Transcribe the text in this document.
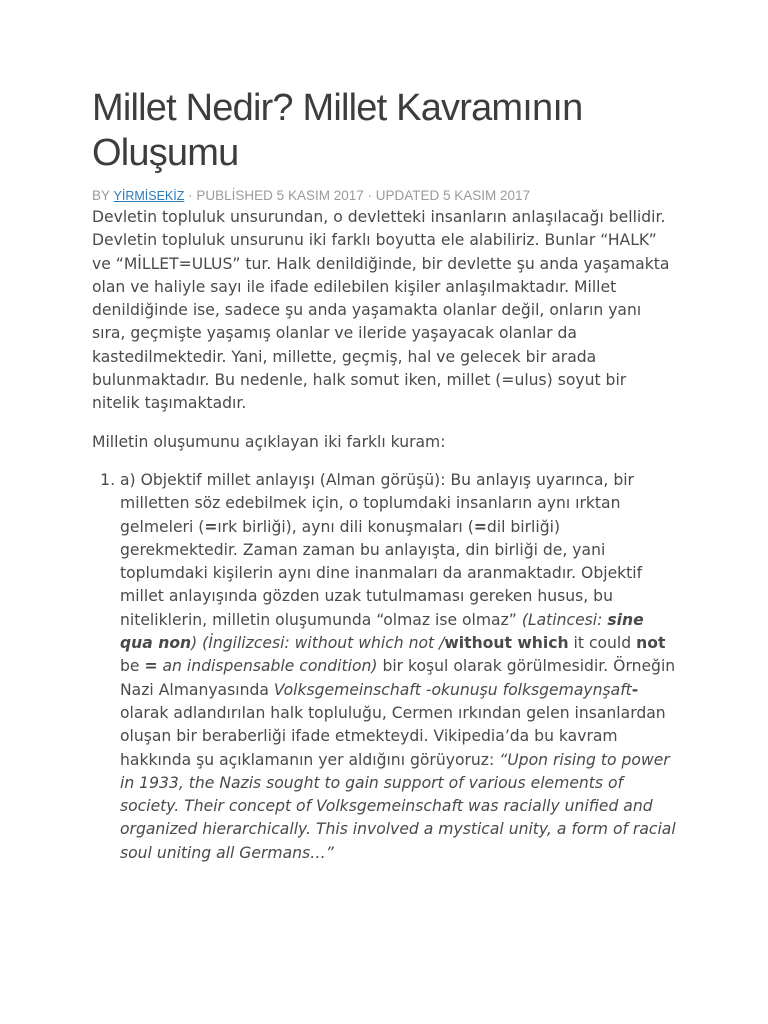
Millet Nedir? Millet Kavramının Oluşumu
BY YİRMİSEKİZ · PUBLİSHED 5 KASIM 2017 · UPDATED 5 KASIM 2017

Devletin topluluk unsurundan, o devletteki insanların anlaşılacağı bellidir. Devletin topluluk unsurunu iki farklı boyutta ele alabiliriz. Bunlar “HALK” ve “MİLLET=ULUS” tur. Halk denildiğinde, bir devlette şu anda yaşamakta olan ve haliyle sayı ile ifade edilebilen kişiler anlaşılmaktadır. Millet denildiğinde ise, sadece şu anda yaşamakta olanlar değil, onların yanı sıra, geçmişte yaşamış olanlar ve ileride yaşayacak olanlar da kastedilmektedir. Yani, millette, geçmiş, hal ve gelecek bir arada bulunmaktadır. Bu nedenle, halk somut iken, millet (=ulus) soyut bir nitelik taşımaktadır.

Milletin oluşumunu açıklayan iki farklı kuram:

1. a) Objektif millet anlayışı (Alman görüşü): Bu anlayış uyarınca, bir milletten söz edebilmek için, o toplumdaki insanların aynı ırktan gelmeleri (=ırk birliği), aynı dili konuşmaları (=dil birliği) gerekmektedir. Zaman zaman bu anlayışta, din birliği de, yani toplumdaki kişilerin aynı dine inanmaları da aranmaktadır. Objektif millet anlayışında gözden uzak tutulmaması gereken husus, bu niteliklerin, milletin oluşumunda “olmaz ise olmaz” (Latincesi: sine qua non) (İngilizcesi: without which not /without which it could not be = an indispensable condition) bir koşul olarak görülmesidir. Örneğin Nazi Almanyasında Volksgemeinschaft -okunuşu folksgemaynşaft- olarak adlandırılan halk topluluğu, Cermen ırkından gelen insanlardan oluşan bir beraberliği ifade etmekteydi. Vikipedia’da bu kavram hakkında şu açıklamanın yer aldığını görüyoruz: “Upon rising to power in 1933, the Nazis sought to gain support of various elements of society. Their concept of Volksgemeinschaft was racially unified and organized hierarchically. This involved a mystical unity, a form of racial soul uniting all Germans…”
